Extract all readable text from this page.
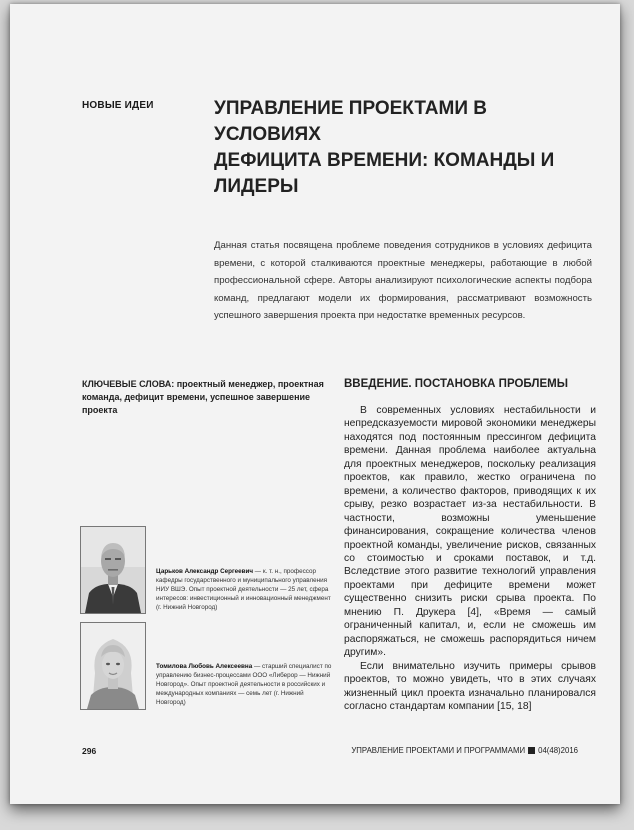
НОВЫЕ ИДЕИ	УПРАВЛЕНИЕ ПРОЕКТАМИ В УСЛОВИЯХ
ДЕФИЦИТА ВРЕМЕНИ: КОМАНДЫ И ЛИДЕРЫ
Данная статья посвящена проблеме поведения сотрудников в условиях дефицита времени, с которой сталкиваются проектные менеджеры, работающие в любой профессиональной сфере. Авторы анализируют психологические аспекты подбора команд, предлагают модели их формирования, рассматривают возможность успешного завершения проекта при недостатке временных ресурсов.
КЛЮЧЕВЫЕ СЛОВА: проектный менеджер, проектная команда, дефицит времени, успешное завершение проекта
ВВЕДЕНИЕ. ПОСТАНОВКА ПРОБЛЕМЫ

В современных условиях нестабильности и непредсказуемости мировой экономики менеджеры находятся под постоянным прессингом дефицита времени. Данная проблема наиболее актуальна для проектных менеджеров, поскольку реализация проектов, как правило, жестко ограничена по времени, а количество факторов, приводящих к их срыву, резко возрастает из-за нестабильности. В частности, возможны уменьшение финансирования, сокращение количества членов проектной команды, увеличение рисков, связанных со стоимостью и сроками поставок, и т.д. Вследствие этого развитие технологий управления проектами при дефиците времени может существенно снизить риски срыва проекта. По мнению П. Друкера [4], «Время — самый ограниченный капитал, и, если не сможешь им распоряжаться, не сможешь распорядиться ничем другим».

Если внимательно изучить примеры срывов проектов, то можно увидеть, что в этих случаях жизненный цикл проекта изначально планировался согласно стандартам компании [15, 18]

Царьков Александр Сергеевич — к. т. н., профессор кафедры государственного и муниципального управления НИУ ВШЭ. Опыт проектной деятельности — 25 лет, сфера интересов: инвестиционный и инновационный менеджмент (г. Нижний Новгород)
Томилова Любовь Алексеевна — старший специалист по управлению бизнес-процессами ООО «Либерор — Нижний Новгород». Опыт проектной деятельности в российских и международных компаниях — семь лет (г. Нижний Новгород)
296	УПРАВЛЕНИЕ ПРОЕКТАМИ И ПРОГРАММАМИ 04(48)2016
